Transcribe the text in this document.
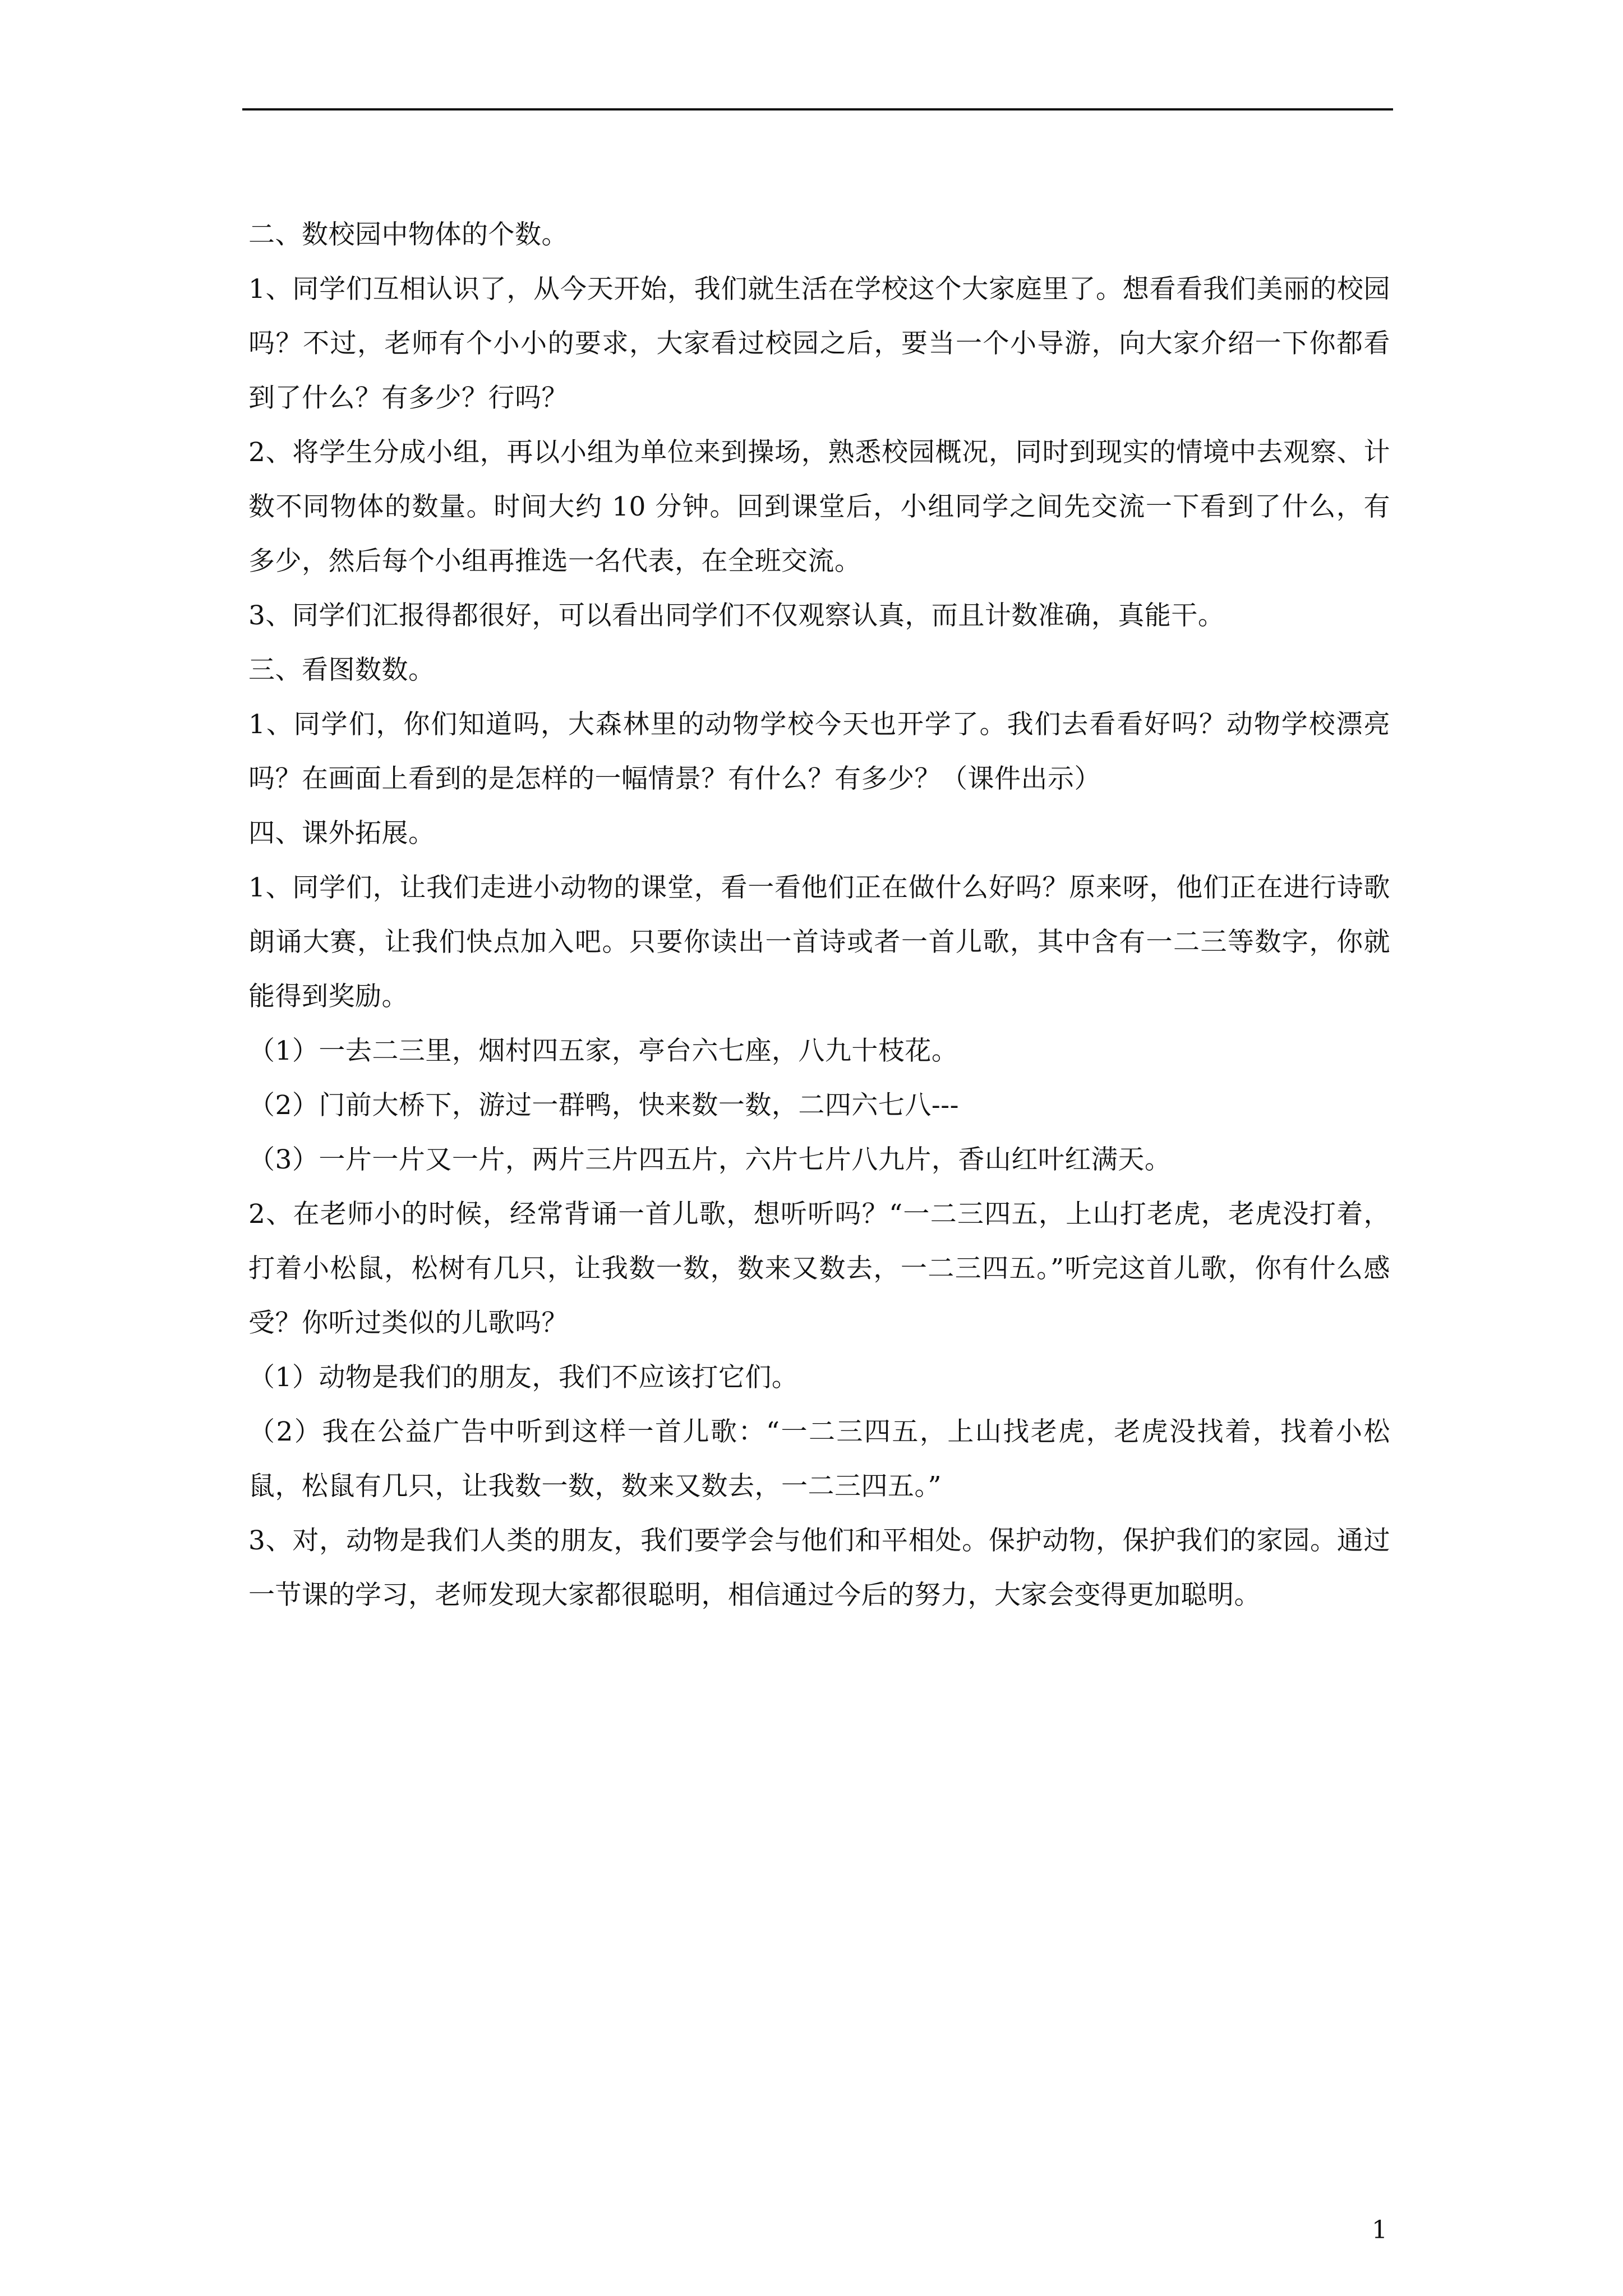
二、数校园中物体的个数。

1、同学们互相认识了，从今天开始，我们就生活在学校这个大家庭里了。想看看我们美丽的校园吗？不过，老师有个小小的要求，大家看过校园之后，要当一个小导游，向大家介绍一下你都看到了什么？有多少？行吗？

2、将学生分成小组，再以小组为单位来到操场，熟悉校园概况，同时到现实的情境中去观察、计数不同物体的数量。时间大约 10 分钟。回到课堂后，小组同学之间先交流一下看到了什么，有多少，然后每个小组再推选一名代表，在全班交流。

3、同学们汇报得都很好，可以看出同学们不仅观察认真，而且计数准确，真能干。

三、看图数数。

1、同学们，你们知道吗，大森林里的动物学校今天也开学了。我们去看看好吗？动物学校漂亮吗？在画面上看到的是怎样的一幅情景？有什么？有多少？（课件出示）

四、课外拓展。

1、同学们，让我们走进小动物的课堂，看一看他们正在做什么好吗？原来呀，他们正在进行诗歌朗诵大赛，让我们快点加入吧。只要你读出一首诗或者一首儿歌，其中含有一二三等数字，你就能得到奖励。

（1）一去二三里，烟村四五家，亭台六七座，八九十枝花。

（2）门前大桥下，游过一群鸭，快来数一数，二四六七八---

（3）一片一片又一片，两片三片四五片，六片七片八九片，香山红叶红满天。

2、在老师小的时候，经常背诵一首儿歌，想听听吗？“一二三四五，上山打老虎，老虎没打着，打着小松鼠，松树有几只，让我数一数，数来又数去，一二三四五。”听完这首儿歌，你有什么感受？你听过类似的儿歌吗？

（1）动物是我们的朋友，我们不应该打它们。

（2）我在公益广告中听到这样一首儿歌：“一二三四五，上山找老虎，老虎没找着，找着小松鼠，松鼠有几只，让我数一数，数来又数去，一二三四五。”

3、对，动物是我们人类的朋友，我们要学会与他们和平相处。保护动物，保护我们的家园。通过一节课的学习，老师发现大家都很聪明，相信通过今后的努力，大家会变得更加聪明。

1
